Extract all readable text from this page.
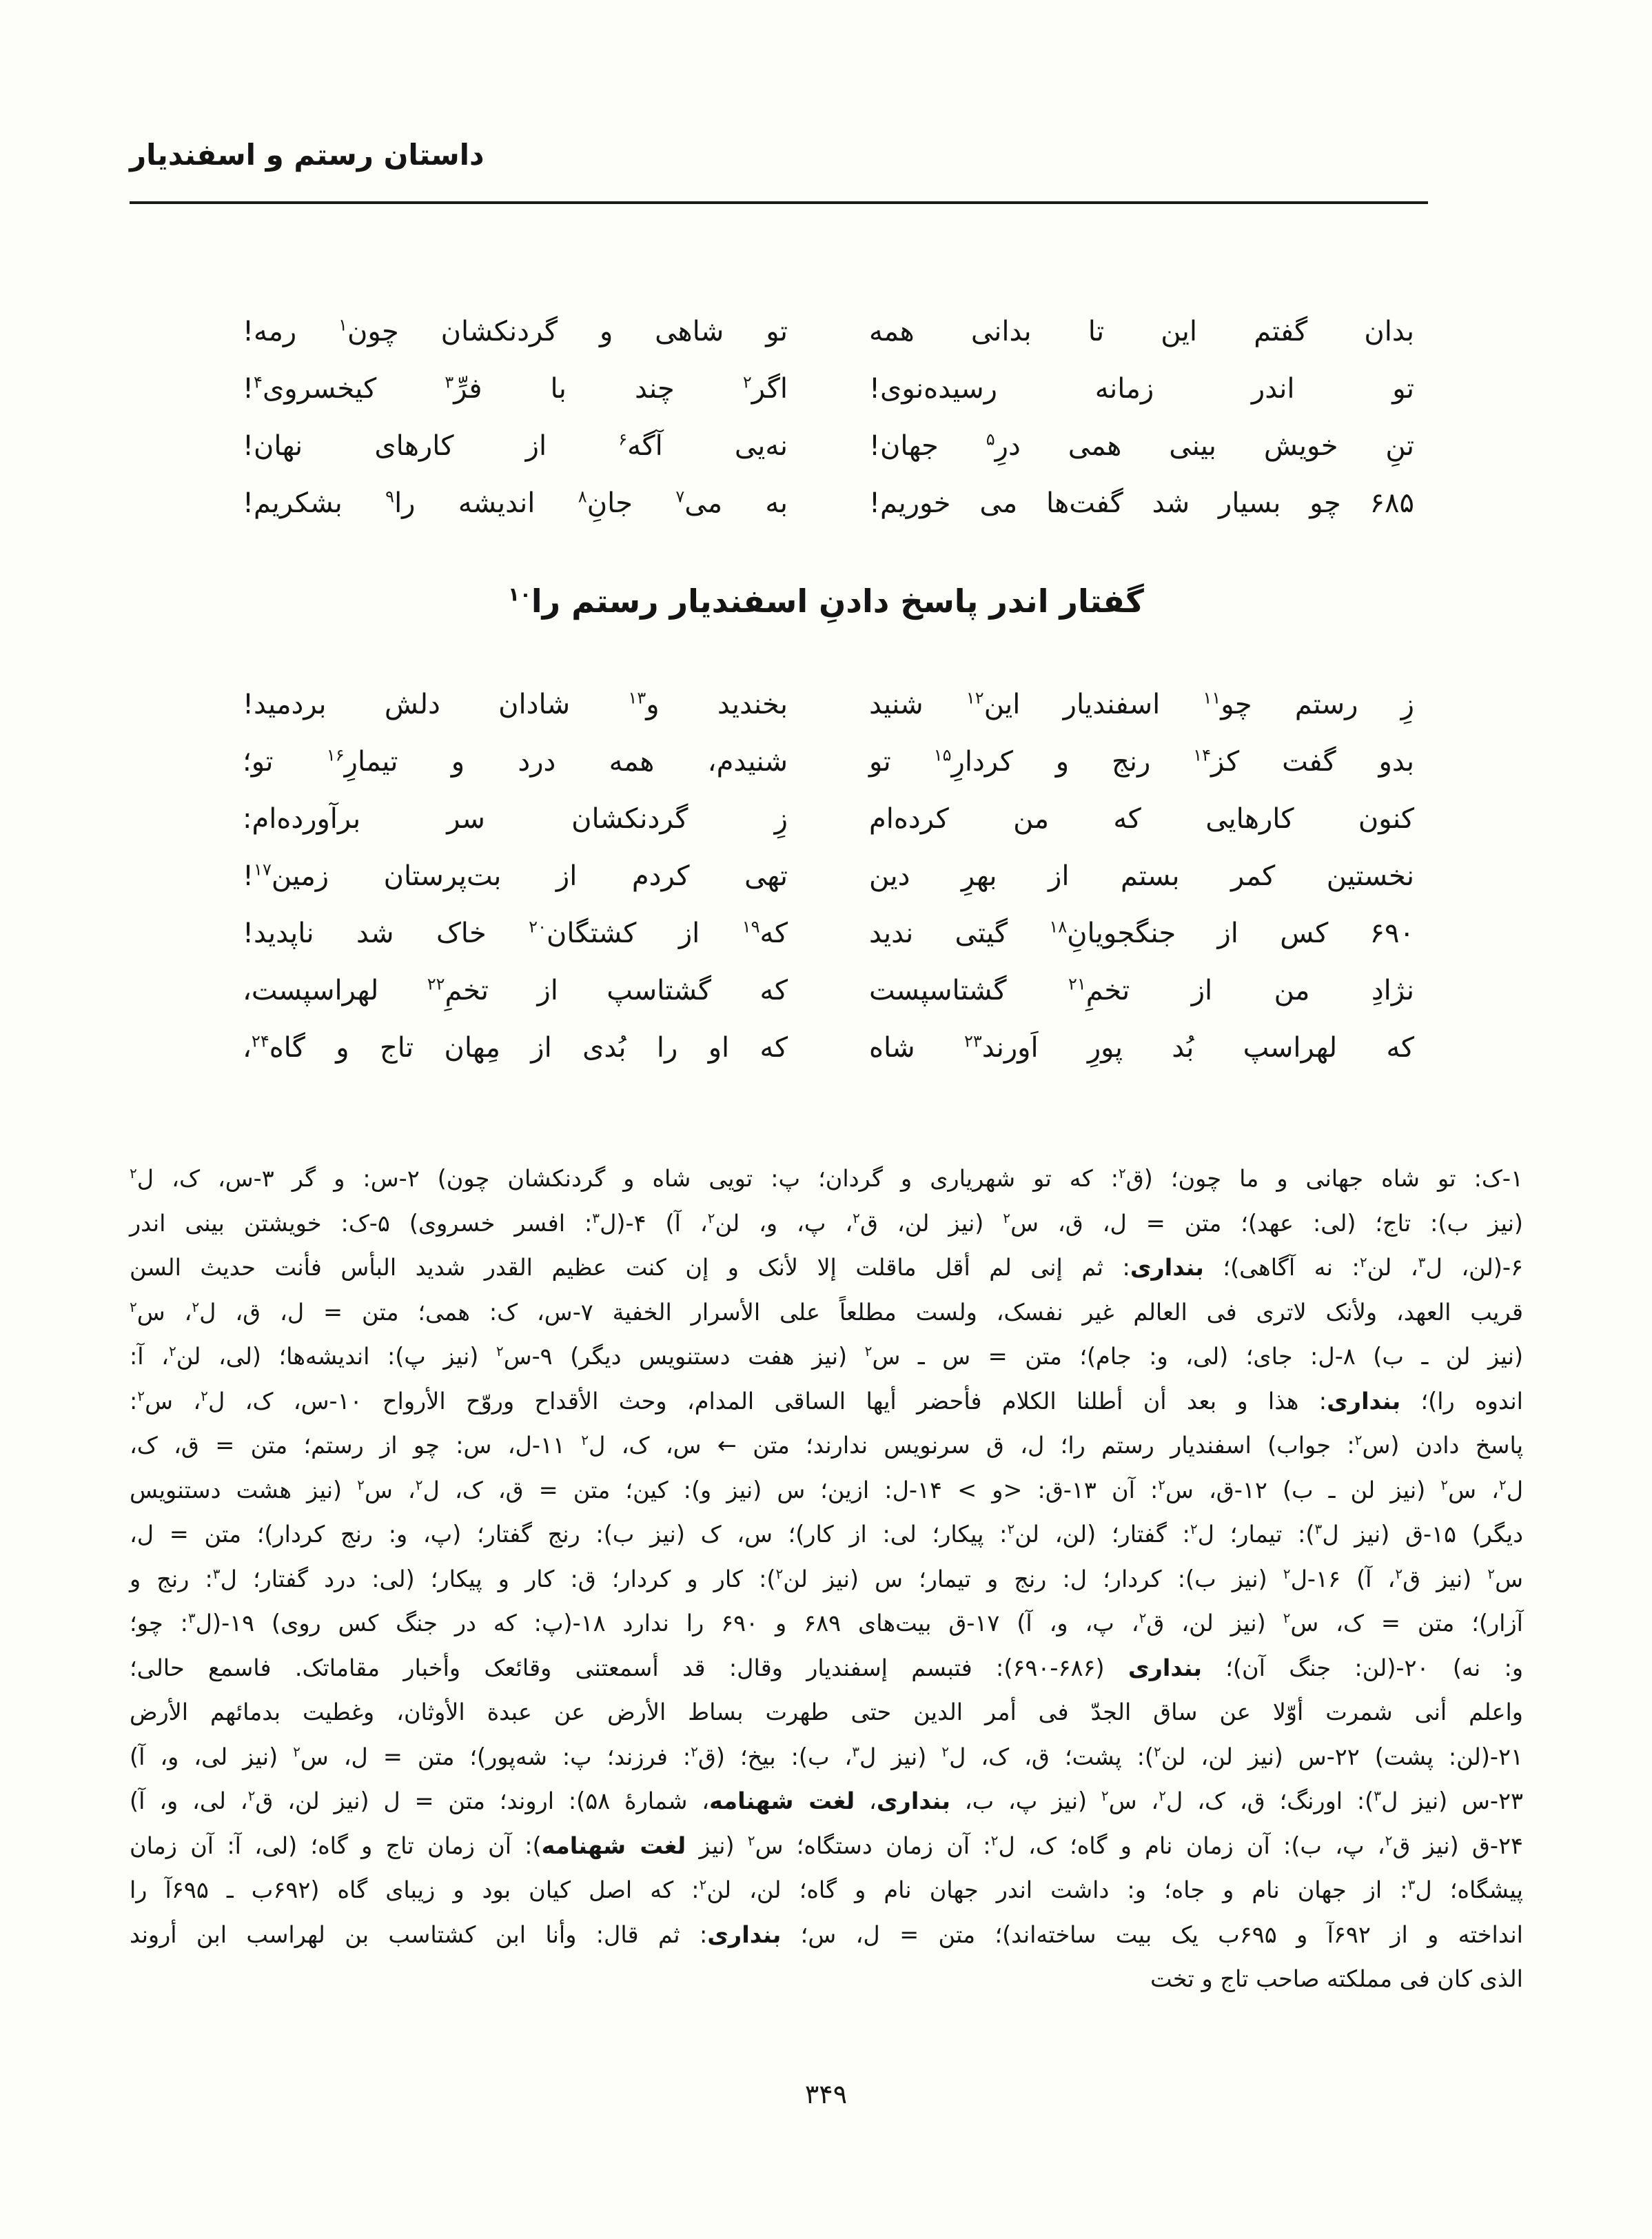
داستان رستم و اسفندیار
بدان گفتم این تا بدانی همه
تو شاهی و گردنکشان چون$^۱$ رمه!
تو اندر زمانه رسیده‌نوی!
اگر$^۲$ چند با فرِّ$^۳$ کیخسروی$^۴$!
تنِ خویش بینی همی درِ$^۵$ جهان!
نه‌یی آگه$^۶$ از کارهای نهان!
۶۸۵ چو بسیار شد گفت‌ها می خوریم!
به می$^۷$ جانِ$^۸$ اندیشه را$^۹$ بشکریم!
گفتار اندر پاسخ دادنِ اسفندیار رستم را$^{۱۰}$
زِ رستم چو$^{۱۱}$ اسفندیار این$^{۱۲}$ شنید
بخندید و$^{۱۳}$ شادان دلش بردمید!
بدو گفت کز$^{۱۴}$ رنج و کردارِ$^{۱۵}$ تو
شنیدم، همه درد و تیمارِ$^{۱۶}$ تو؛
کنون کارهایی که من کرده‌ام
زِ گردنکشان سر برآورده‌ام:
نخستین کمر بستم از بهرِ دین
تهی کردم از بت‌پرستان زمین$^{۱۷}$!
۶۹۰ کس از جنگجویانِ$^{۱۸}$ گیتی ندید
که$^{۱۹}$ از کشتگان$^{۲۰}$ خاک شد ناپدید!
نژادِ من از تخمِ$^{۲۱}$ گشتاسپست
که گشتاسپ از تخمِ$^{۲۲}$ لهراسپست،
که لهراسپ بُد پورِ اَورند$^{۲۳}$ شاه
که او را بُدی از مِهان تاج و گاه$^{۲۴}$،
۱-ک: تو شاه جهانی و ما چون؛ (ق$^۲$: که تو شهریاری و گردان؛ پ: تویی شاه و گردنکشان چون) ۲-س: و گر ۳-س، ک، ل$^۲$
(نیز ب): تاج؛ (لی: عهد)؛ متن = ل، ق، س$^۲$ (نیز لن، ق$^۲$، پ، و، لن$^۲$، آ) ۴-(ل$^۳$: افسر خسروی) ۵-ک: خویشتن بینی اندر
۶-(لن، ل$^۳$، لن$^۲$: نه آگاهی)؛ بنداری: ثم إنی لم أقل ماقلت إلا لأنک و إن کنت عظیم القدر شدید البأس فأنت حدیث السن
قریب العهد، ولأنک لاتری فی العالم غیر نفسک، ولست مطلعاً علی الأسرار الخفیة ۷-س، ک: همی؛ متن = ل، ق، ل$^۲$، س$^۲$
(نیز لن ـ ب) ۸-ل: جای؛ (لی، و: جام)؛ متن = س ـ س$^۲$ (نیز هفت دستنویس دیگر) ۹-س$^۲$ (نیز پ): اندیشه‌ها؛ (لی، لن$^۲$، آ:
اندوه را)؛ بنداری: هذا و بعد أن أطلنا الکلام فأحضر أیها الساقی المدام، وحث الأقداح وروّح الأرواح ۱۰-س، ک، ل$^۲$، س$^۲$:
پاسخ دادن (س$^۲$: جواب) اسفندیار رستم را؛ ل، ق سرنویس ندارند؛ متن ← س، ک، ل$^۲$ ۱۱-ل، س: چو از رستم؛ متن = ق، ک،
ل$^۲$، س$^۲$ (نیز لن ـ ب) ۱۲-ق، س$^۲$: آن ۱۳-ق: <و > ۱۴-ل: ازین؛ س (نیز و): کین؛ متن = ق، ک، ل$^۲$، س$^۲$ (نیز هشت دستنویس
دیگر) ۱۵-ق (نیز ل$^۳$): تیمار؛ ل$^۲$: گفتار؛ (لن، لن$^۲$: پیکار؛ لی: از کار)؛ س، ک (نیز ب): رنج گفتار؛ (پ، و: رنج کردار)؛ متن = ل،
س$^۲$ (نیز ق$^۲$، آ) ۱۶-ل$^۲$ (نیز ب): کردار؛ ل: رنج و تیمار؛ س (نیز لن$^۲$): کار و کردار؛ ق: کار و پیکار؛ (لی: درد گفتار؛ ل$^۳$: رنج و
آزار)؛ متن = ک، س$^۲$ (نیز لن، ق$^۲$، پ، و، آ) ۱۷-ق بیت‌های ۶۸۹ و ۶۹۰ را ندارد ۱۸-(پ: که در جنگ کس روی) ۱۹-(ل$^۳$: چو؛
و: نه) ۲۰-(لن: جنگ آن)؛ بنداری (۶۸۶-۶۹۰): فتبسم إسفندیار وقال: قد أسمعتنی وقائعک وأخبار مقاماتک. فاسمع حالی؛
واعلم أنی شمرت أوّلا عن ساق الجدّ فی أمر الدین حتی طهرت بساط الأرض عن عبدة الأوثان، وغطیت بدمائهم الأرض
۲۱-(لن: پشت) ۲۲-س (نیز لن، لن$^۲$): پشت؛ ق، ک، ل$^۲$ (نیز ل$^۳$، ب): بیخ؛ (ق$^۲$: فرزند؛ پ: شه‌پور)؛ متن = ل، س$^۲$ (نیز لی، و، آ)
۲۳-س (نیز ل$^۳$): اورنگ؛ ق، ک، ل$^۲$، س$^۲$ (نیز پ، ب، بنداری، لغت شهنامه، شمارهٔ ۵۸): اروند؛ متن = ل (نیز لن، ق$^۲$، لی، و، آ)
۲۴-ق (نیز ق$^۲$، پ، ب): آن زمان نام و گاه؛ ک، ل$^۲$: آن زمان دستگاه؛ س$^۲$ (نیز لغت شهنامه): آن زمان تاج و گاه؛ (لی، آ: آن زمان
پیشگاه؛ ل$^۳$: از جهان نام و جاه؛ و: داشت اندر جهان نام و گاه؛ لن، لن$^۲$: که اصل کیان بود و زیبای گاه (۶۹۲ب ـ ۶۹۵آ را
انداخته و از ۶۹۲آ و ۶۹۵ب یک بیت ساخته‌اند)؛ متن = ل، س؛ بنداری: ثم قال: وأنا ابن کشتاسب بن لهراسب ابن أروند
الذی کان فی مملکته صاحب تاج و تخت
۳۴۹
